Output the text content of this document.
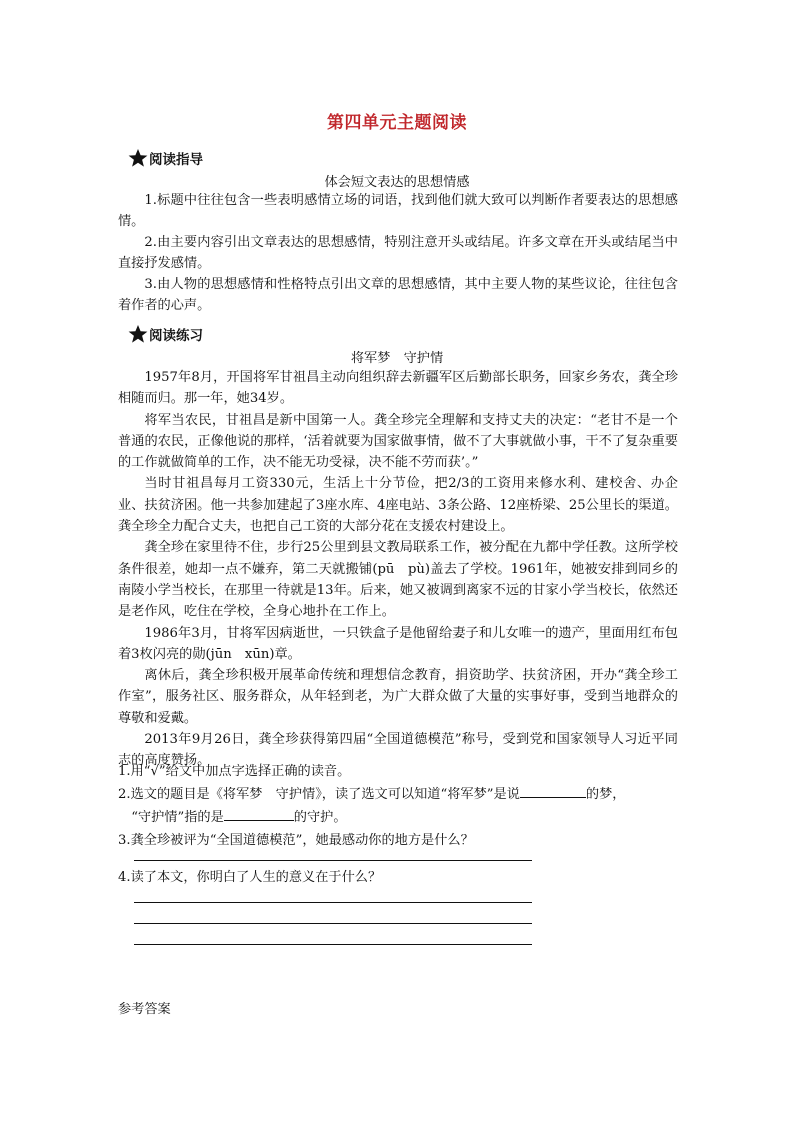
第四单元主题阅读
阅读指导
体会短文表达的思想情感

1.标题中往往包含一些表明感情立场的词语，找到他们就大致可以判断作者要表达的思想感情。

2.由主要内容引出文章表达的思想感情，特别注意开头或结尾。许多文章在开头或结尾当中直接抒发感情。

3.由人物的思想感情和性格特点引出文章的思想感情，其中主要人物的某些议论，往往包含着作者的心声。

阅读练习
将军梦　守护情

1957年8月，开国将军甘祖昌主动向组织辞去新疆军区后勤部长职务，回家乡务农，龚全珍相随而归。那一年，她34岁。

将军当农民，甘祖昌是新中国第一人。龚全珍完全理解和支持丈夫的决定：“老甘不是一个普通的农民，正像他说的那样，‘活着就要为国家做事情，做不了大事就做小事，干不了复杂重要的工作就做简单的工作，决不能无功受禄，决不能不劳而获’。”

当时甘祖昌每月工资330元，生活上十分节俭，把2/3的工资用来修水利、建校舍、办企业、扶贫济困。他一共参加建起了3座水库、4座电站、3条公路、12座桥梁、25公里长的渠道。龚全珍全力配合丈夫，也把自己工资的大部分花在支援农村建设上。

龚全珍在家里待不住，步行25公里到县文教局联系工作，被分配在九都中学任教。这所学校条件很差，她却一点不嫌弃，第二天就搬铺(pū　pù)盖去了学校。1961年，她被安排到同乡的南陵小学当校长，在那里一待就是13年。后来，她又被调到离家不远的甘家小学当校长，依然还是老作风，吃住在学校，全身心地扑在工作上。

1986年3月，甘将军因病逝世，一只铁盒子是他留给妻子和儿女唯一的遗产，里面用红布包着3枚闪亮的勋(jūn　xūn)章。

离休后，龚全珍积极开展革命传统和理想信念教育，捐资助学、扶贫济困，开办“龚全珍工作室”，服务社区、服务群众，从年轻到老，为广大群众做了大量的实事好事，受到当地群众的尊敬和爱戴。

2013年9月26日，龚全珍获得第四届“全国道德模范”称号，受到党和国家领导人习近平同志的高度赞扬。

1.用“√”给文中加点字选择正确的读音。

2.选文的题目是《将军梦　守护情》，读了选文可以知道“将军梦”是说	的梦，

“守护情”指的是	的守护。

3.龚全珍被评为“全国道德模范”，她最感动你的地方是什么？

4.读了本文，你明白了人生的意义在于什么？

参考答案
